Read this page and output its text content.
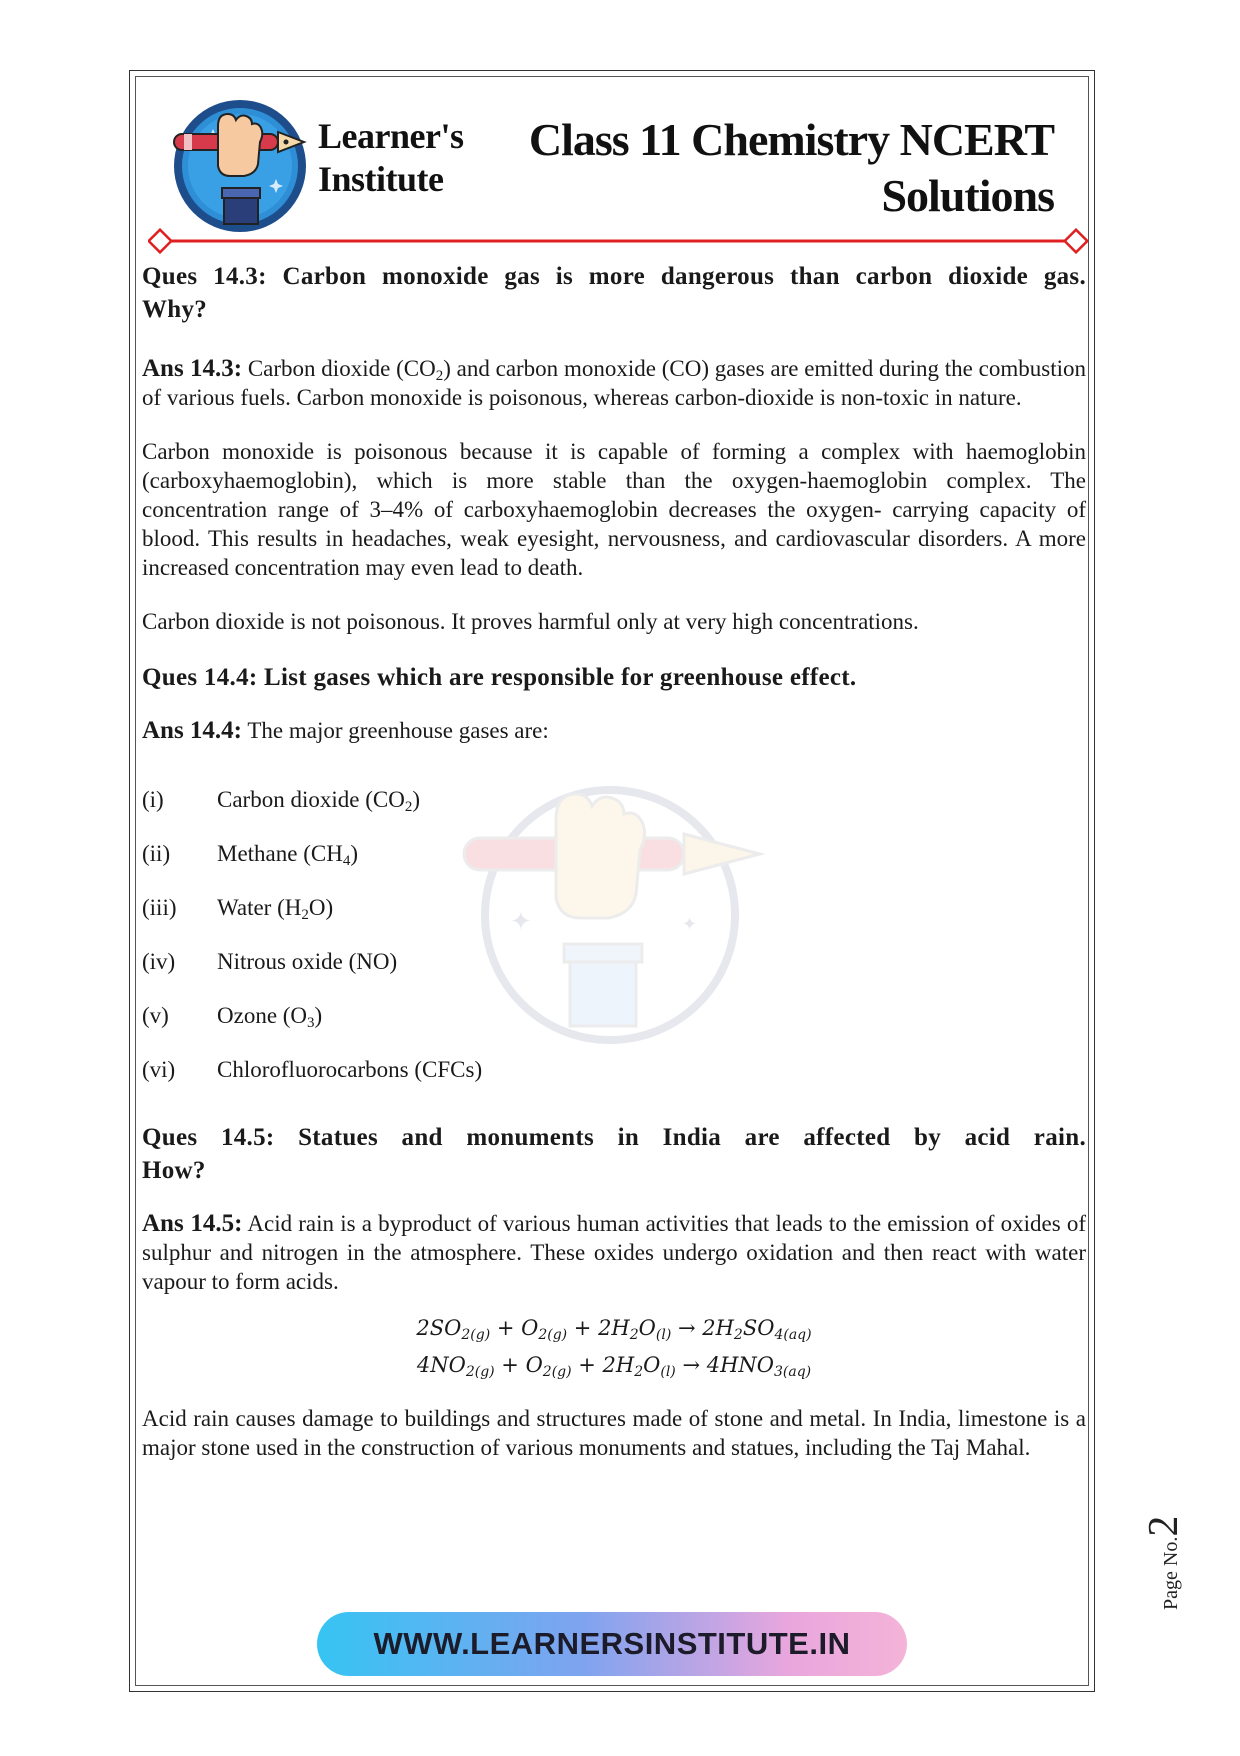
Learner's
Institute
Class 11 Chemistry NCERT
Solutions
✦	✦

Ques 14.3: Carbon monoxide gas is more dangerous than carbon dioxide gas. Why?

Ans 14.3: Carbon dioxide $(CO_2)$ and carbon monoxide (CO) gases are emitted during the combustion of various fuels. Carbon monoxide is poisonous, whereas carbon-dioxide is non-toxic in nature.

Carbon monoxide is poisonous because it is capable of forming a complex with haemoglobin (carboxyhaemoglobin), which is more stable than the oxygen-haemoglobin complex. The concentration range of 3–4% of carboxyhaemoglobin decreases the oxygen- carrying capacity of blood. This results in headaches, weak eyesight, nervousness, and cardiovascular disorders. A more increased concentration may even lead to death.

Carbon dioxide is not poisonous. It proves harmful only at very high concentrations.

Ques 14.4: List gases which are responsible for greenhouse effect.

Ans 14.4: The major greenhouse gases are:

(i)	Carbon dioxide $(CO_2)$
(ii)	Methane $(CH_4)$
(iii)	Water $(H_2O)$
(iv)	Nitrous oxide (NO)
(v)	Ozone $(O_3)$
(vi)	Chlorofluorocarbons (CFCs)

Ques 14.5: Statues and monuments in India are affected by acid rain. How?

Ans 14.5: Acid rain is a byproduct of various human activities that leads to the emission of oxides of sulphur and nitrogen in the atmosphere. These oxides undergo oxidation and then react with water vapour to form acids.

$2SO_{2(g)} + O_{2(g)} + 2H_2O_{(l)} \to 2H_2SO_{4(aq)}$
$4NO_{2(g)} + O_{2(g)} + 2H_2O_{(l)} \to 4HNO_{3(aq)}$

Acid rain causes damage to buildings and structures made of stone and metal. In India, limestone is a major stone used in the construction of various monuments and statues, including the Taj Mahal.

WWW.LEARNERSINSTITUTE.IN
Page No.2
